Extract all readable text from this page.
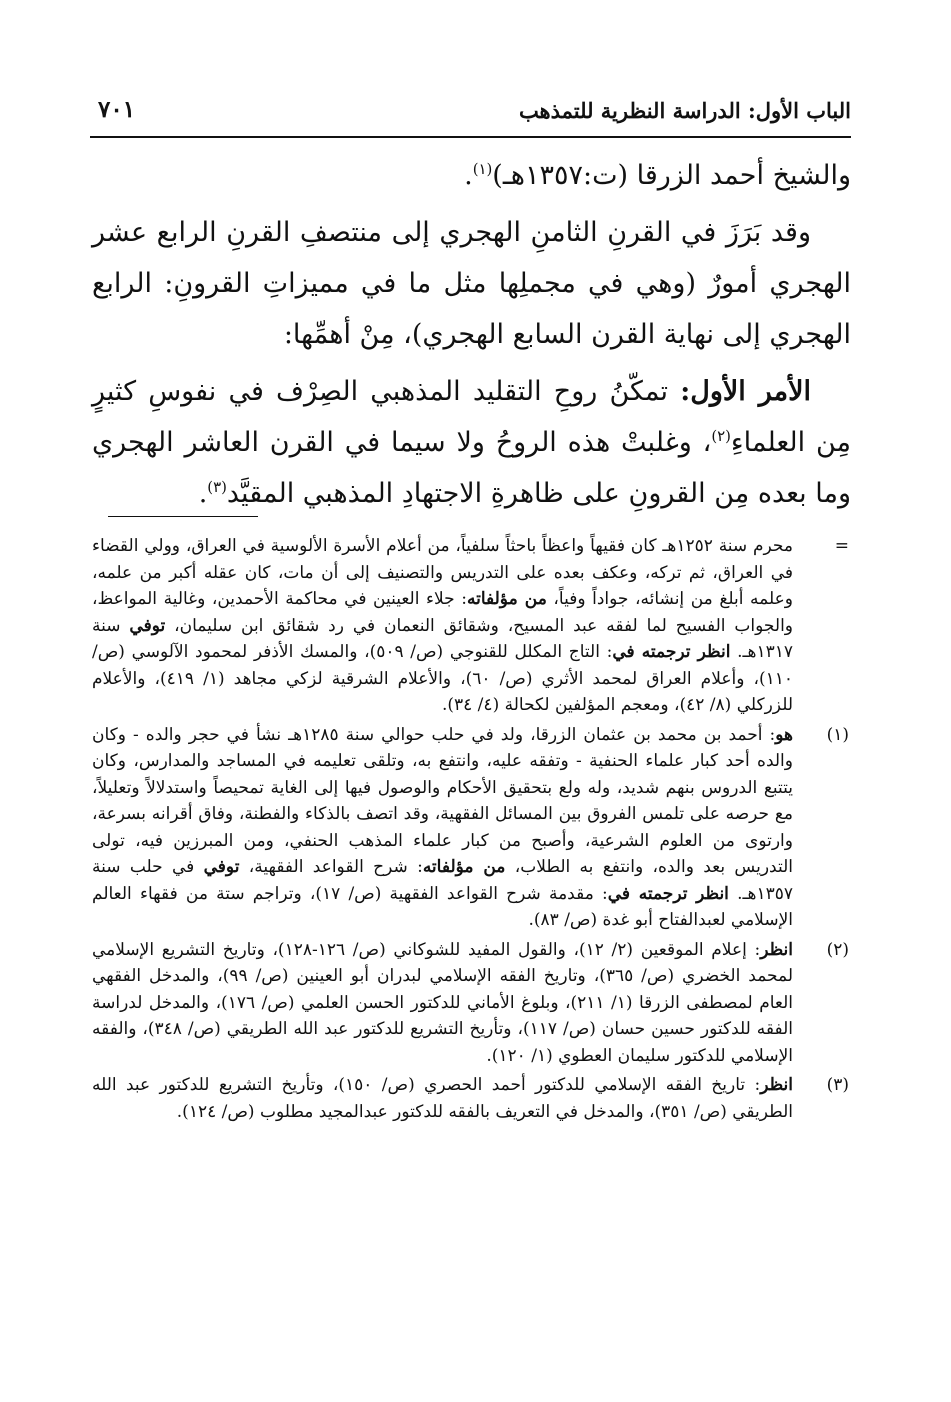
الباب الأول: الدراسة النظرية للتمذهب
٧٠١

والشيخ أحمد الزرقا (ت:١٣٥٧هـ)$^{(١)}$.

وقد بَرَزَ في القرنِ الثامنِ الهجري إلى منتصفِ القرنِ الرابع عشر الهجري أمورٌ (وهي في مجملِها مثل ما في مميزاتِ القرونِ: الرابع الهجري إلى نهاية القرن السابع الهجري)، مِنْ أهمِّها:

الأمر الأول: تمكّنُ روحِ التقليد المذهبي الصِرْف في نفوسِ كثيرٍ مِن العلماءِ$^{(٢)}$، وغلبتْ هذه الروحُ ولا سيما في القرن العاشر الهجري وما بعده مِن القرونِ على ظاهرةِ الاجتهادِ المذهبي المقيَّد$^{(٣)}$.

=
محرم سنة ١٢٥٢هـ كان فقيهاً واعظاً باحثاً سلفياً، من أعلام الأسرة الألوسية في العراق، وولي القضاء في العراق، ثم تركه، وعكف بعده على التدريس والتصنيف إلى أن مات، كان عقله أكبر من علمه، وعلمه أبلغ من إنشائه، جواداً وفياً، من مؤلفاته: جلاء العينين في محاكمة الأحمدين، وغالية المواعظ، والجواب الفسيح لما لفقه عبد المسيح، وشقائق النعمان في رد شقائق ابن سليمان، توفي سنة ١٣١٧هـ. انظر ترجمته في: التاج المكلل للقنوجي (ص/ ٥٠٩)، والمسك الأذفر لمحمود الآلوسي (ص/ ١١٠)، وأعلام العراق لمحمد الأثري (ص/ ٦٠)، والأعلام الشرقية لزكي مجاهد (١/ ٤١٩)، والأعلام للزركلي (٨/ ٤٢)، ومعجم المؤلفين لكحالة (٤/ ٣٤).
(١)
هو: أحمد بن محمد بن عثمان الزرقا، ولد في حلب حوالي سنة ١٢٨٥هـ نشأ في حجر والده - وكان والده أحد كبار علماء الحنفية - وتفقه عليه، وانتفع به، وتلقى تعليمه في المساجد والمدارس، وكان يتتبع الدروس بنهم شديد، وله ولع بتحقيق الأحكام والوصول فيها إلى الغاية تمحيصاً واستدلالاً وتعليلاً، مع حرصه على تلمس الفروق بين المسائل الفقهية، وقد اتصف بالذكاء والفطنة، وفاق أقرانه بسرعة، وارتوى من العلوم الشرعية، وأصبح من كبار علماء المذهب الحنفي، ومن المبرزين فيه، تولى التدريس بعد والده، وانتفع به الطلاب، من مؤلفاته: شرح القواعد الفقهية، توفي في حلب سنة ١٣٥٧هـ. انظر ترجمته في: مقدمة شرح القواعد الفقهية (ص/ ١٧)، وتراجم ستة من فقهاء العالم الإسلامي لعبدالفتاح أبو غدة (ص/ ٨٣).
(٢)
انظر: إعلام الموقعين (٢/ ١٢)، والقول المفيد للشوكاني (ص/ ١٢٦-١٢٨)، وتاريخ التشريع الإسلامي لمحمد الخضري (ص/ ٣٦٥)، وتاريخ الفقه الإسلامي لبدران أبو العينين (ص/ ٩٩)، والمدخل الفقهي العام لمصطفى الزرقا (١/ ٢١١)، وبلوغ الأماني للدكتور الحسن العلمي (ص/ ١٧٦)، والمدخل لدراسة الفقه للدكتور حسين حسان (ص/ ١١٧)، وتأريخ التشريع للدكتور عبد الله الطريقي (ص/ ٣٤٨)، والفقه الإسلامي للدكتور سليمان العطوي (١/ ١٢٠).
(٣)
انظر: تاريخ الفقه الإسلامي للدكتور أحمد الحصري (ص/ ١٥٠)، وتأريخ التشريع للدكتور عبد الله الطريقي (ص/ ٣٥١)، والمدخل في التعريف بالفقه للدكتور عبدالمجيد مطلوب (ص/ ١٢٤).
